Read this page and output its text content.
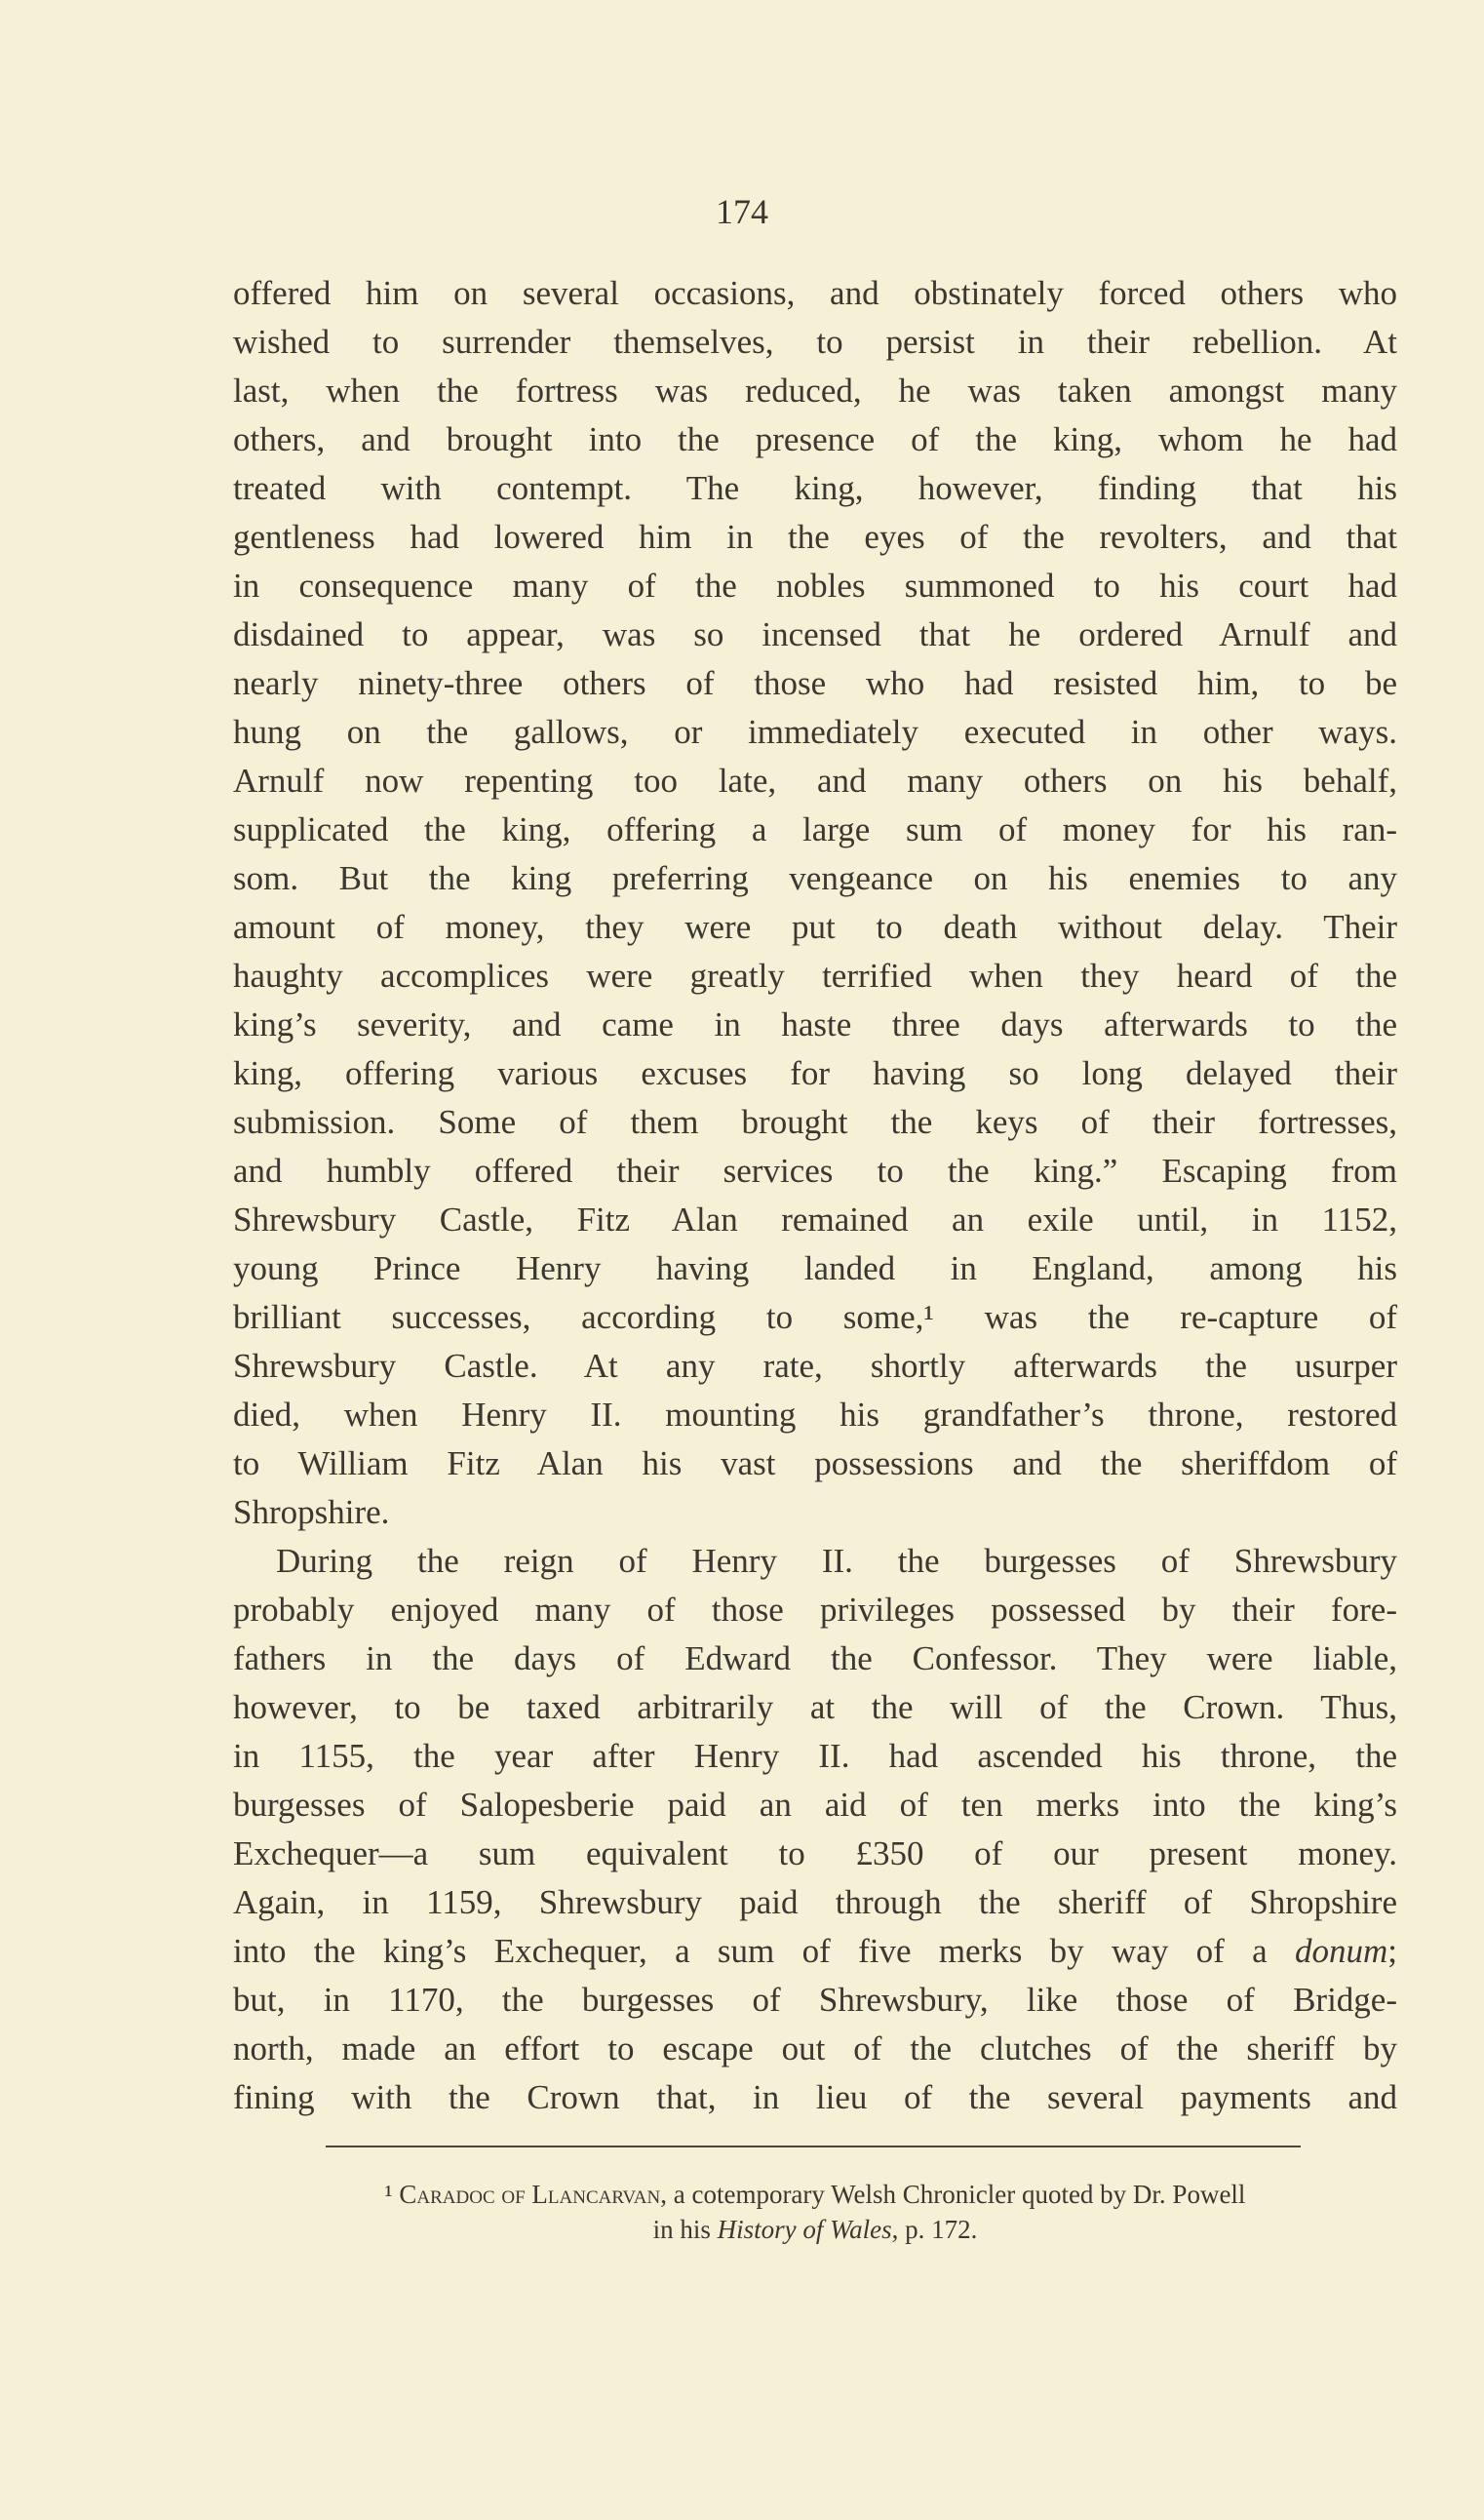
174
offered him on several occasions, and obstinately forced others who
wished to surrender themselves, to persist in their rebellion. At
last, when the fortress was reduced, he was taken amongst many
others, and brought into the presence of the king, whom he had
treated with contempt. The king, however, finding that his
gentleness had lowered him in the eyes of the revolters, and that
in consequence many of the nobles summoned to his court had
disdained to appear, was so incensed that he ordered Arnulf and
nearly ninety-three others of those who had resisted him, to be
hung on the gallows, or immediately executed in other ways.
Arnulf now repenting too late, and many others on his behalf,
supplicated the king, offering a large sum of money for his ran-
som. But the king preferring vengeance on his enemies to any
amount of money, they were put to death without delay. Their
haughty accomplices were greatly terrified when they heard of the
king’s severity, and came in haste three days afterwards to the
king, offering various excuses for having so long delayed their
submission. Some of them brought the keys of their fortresses,
and humbly offered their services to the king.” Escaping from
Shrewsbury Castle, Fitz Alan remained an exile until, in 1152,
young Prince Henry having landed in England, among his
brilliant successes, according to some,¹ was the re-capture of
Shrewsbury Castle. At any rate, shortly afterwards the usurper
died, when Henry II. mounting his grandfather’s throne, restored
to William Fitz Alan his vast possessions and the sheriffdom of
Shropshire.
During the reign of Henry II. the burgesses of Shrewsbury
probably enjoyed many of those privileges possessed by their fore-
fathers in the days of Edward the Confessor. They were liable,
however, to be taxed arbitrarily at the will of the Crown. Thus,
in 1155, the year after Henry II. had ascended his throne, the
burgesses of Salopesberie paid an aid of ten merks into the king’s
Exchequer—a sum equivalent to £350 of our present money.
Again, in 1159, Shrewsbury paid through the sheriff of Shropshire
into the king’s Exchequer, a sum of five merks by way of a donum;
but, in 1170, the burgesses of Shrewsbury, like those of Bridge-
north, made an effort to escape out of the clutches of the sheriff by
fining with the Crown that, in lieu of the several payments and
¹ Caradoc of Llancarvan, a cotemporary Welsh Chronicler quoted by Dr. Powell
in his History of Wales, p. 172.
